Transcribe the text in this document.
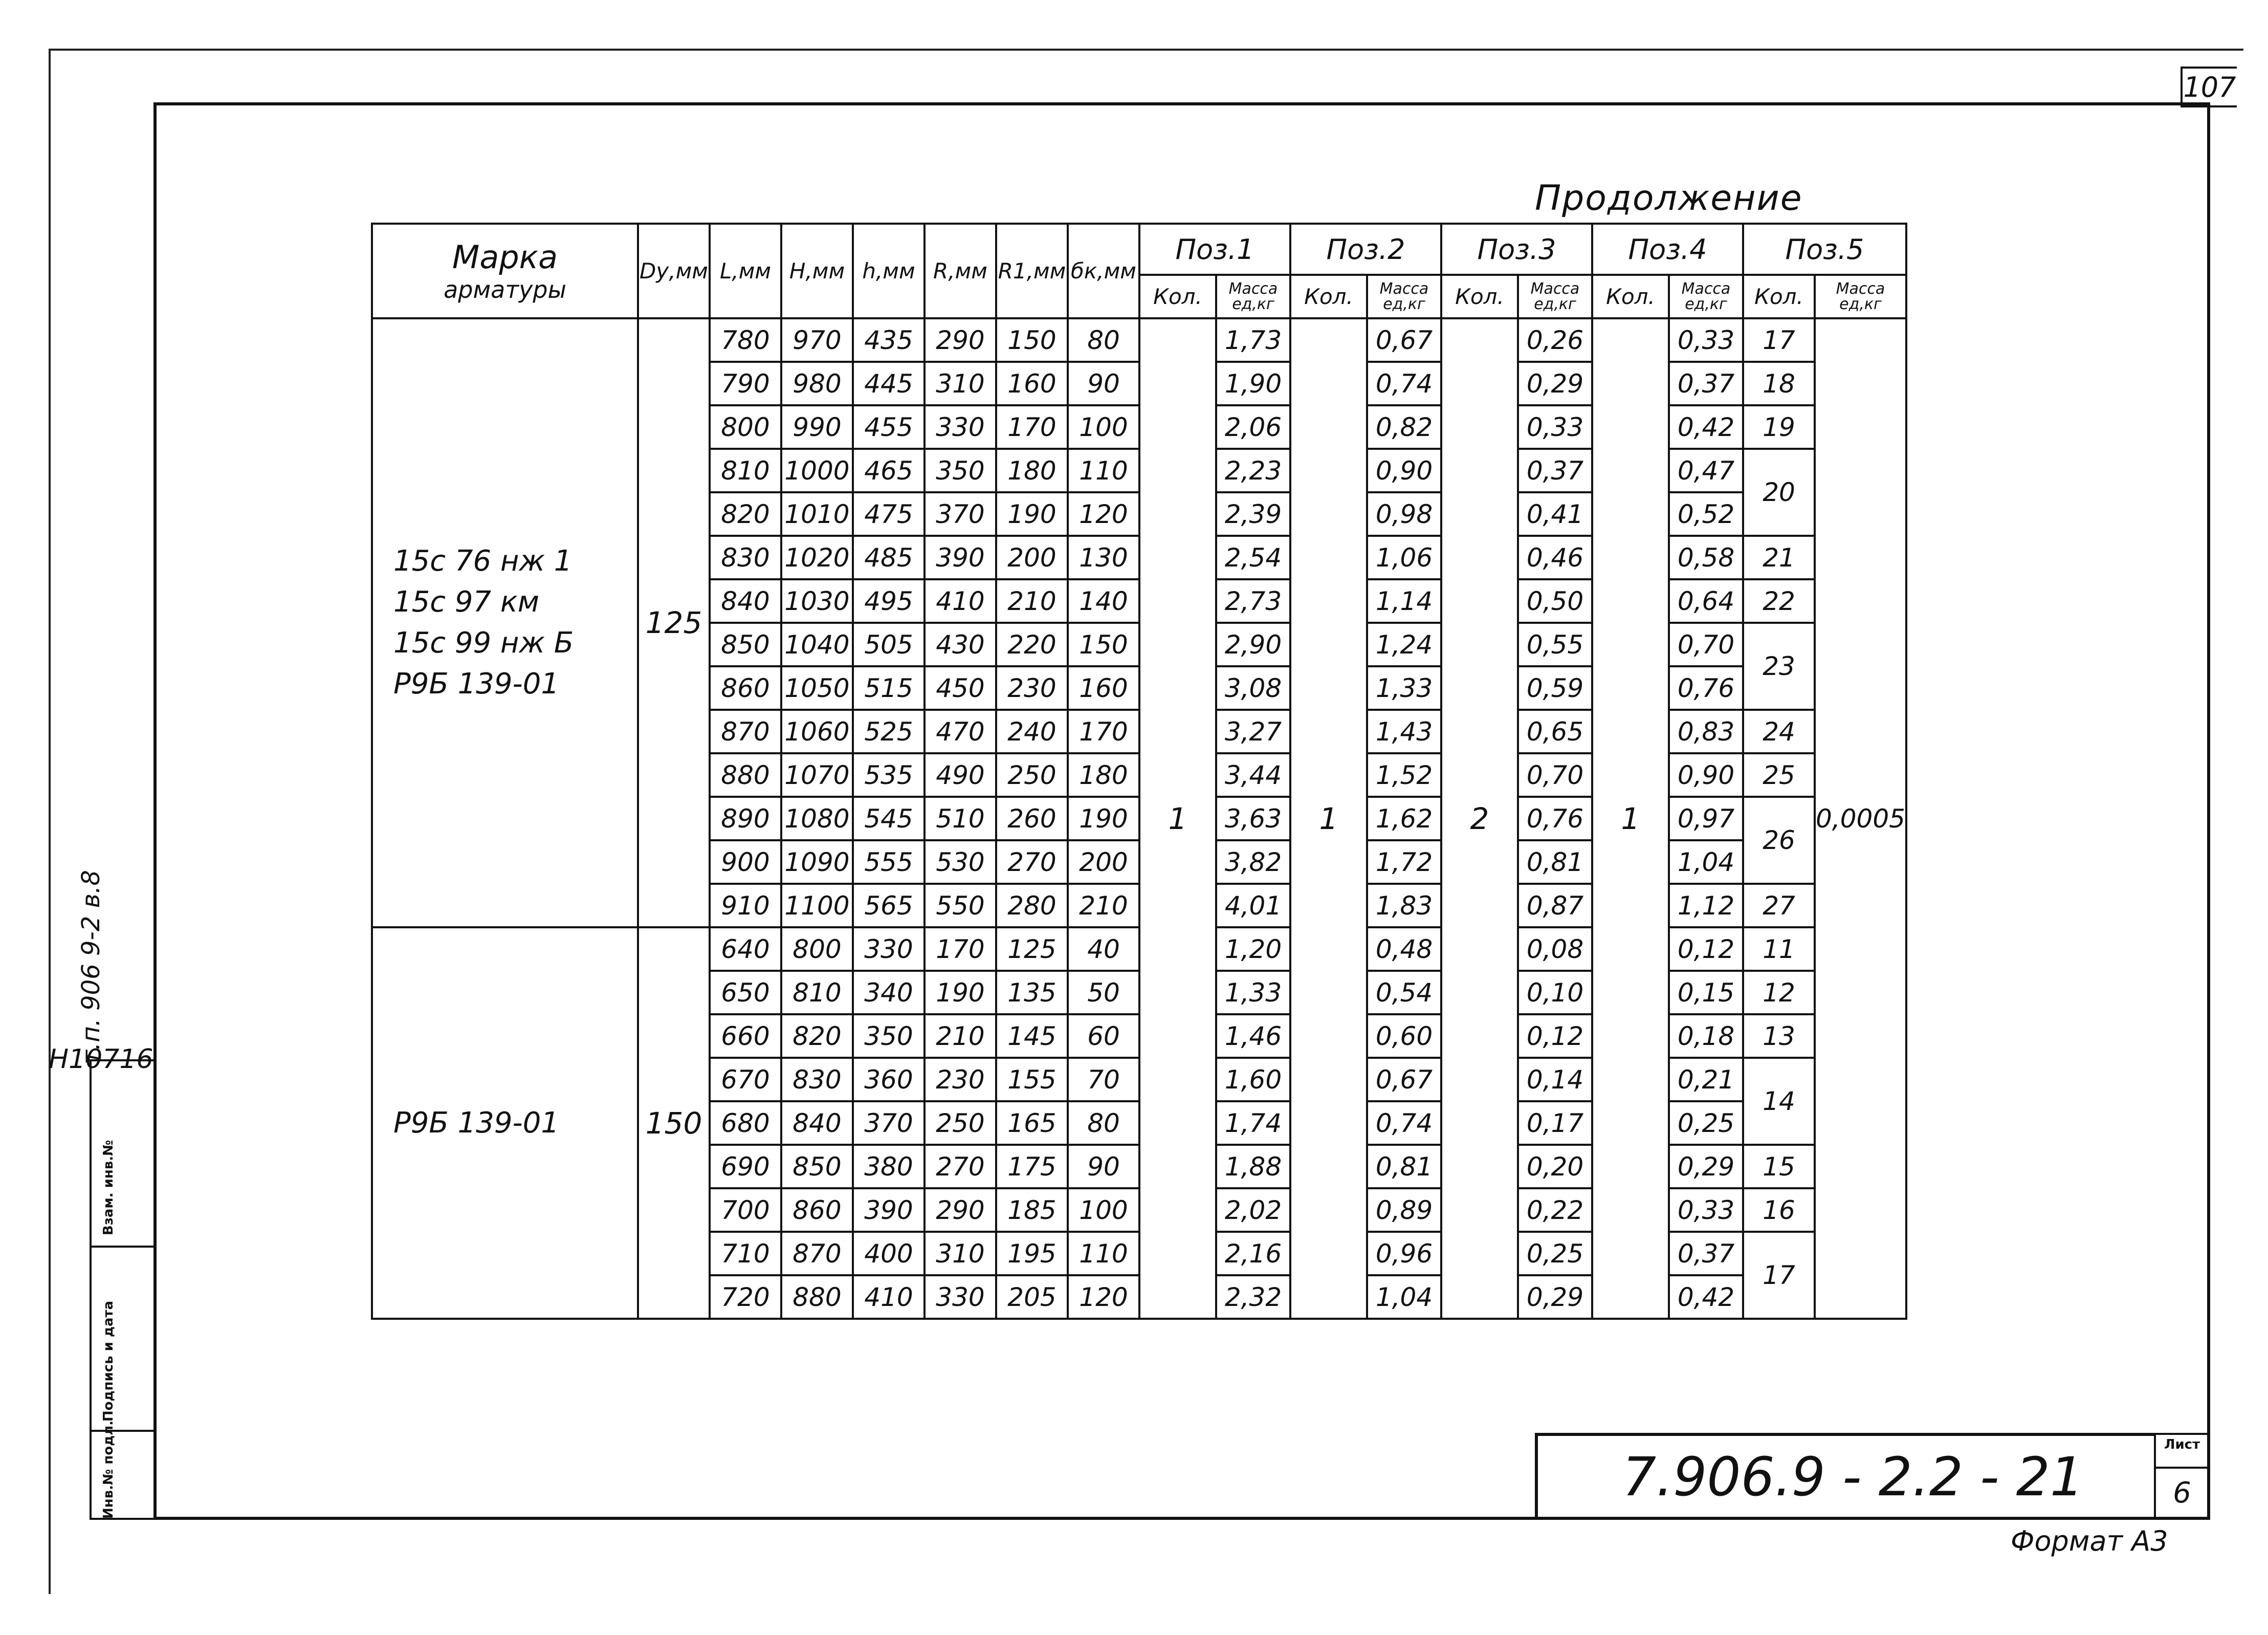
107
Продолжение
т.п. 906 9-2 в.8
Н10716
Взам. инв.№
Подпись и дата
Инв.№ подл.
Марка
арматуры	Dу,мм	L,мм	H,мм	h,мм	R,мм	R1,мм	бк,мм	Поз.1		Поз.2		Поз.3		Поз.4		Поз.5	
								Кол.	Масса ед,кг	Кол.	Масса ед,кг	Кол.	Масса ед,кг	Кол.	Масса ед,кг	Кол.	Масса ед,кг

15с 76 нж 1
15с 97 км
15с 99 нж Б
Р9Б 139-01	125	780	970	435	290	150	80	1	1,73	1	0,67	2	0,26	1	0,33	17	0,0005
		790	980	445	310	160	90		1,90		0,74		0,29		0,37	18	
		800	990	455	330	170	100		2,06		0,82		0,33		0,42	19	
		810	1000	465	350	180	110		2,23		0,90		0,37		0,47	20	
		820	1010	475	370	190	120		2,39		0,98		0,41		0,52		
		830	1020	485	390	200	130		2,54		1,06		0,46		0,58	21	
		840	1030	495	410	210	140		2,73		1,14		0,50		0,64	22	
		850	1040	505	430	220	150		2,90		1,24		0,55		0,70	23	
		860	1050	515	450	230	160		3,08		1,33		0,59		0,76		
		870	1060	525	470	240	170		3,27		1,43		0,65		0,83	24	
		880	1070	535	490	250	180		3,44		1,52		0,70		0,90	25	
		890	1080	545	510	260	190		3,63		1,62		0,76		0,97	26	
		900	1090	555	530	270	200		3,82		1,72		0,81		1,04		
		910	1100	565	550	280	210		4,01		1,83		0,87		1,12	27	

Р9Б 139-01	150	640	800	330	170	125	40		1,20		0,48		0,08		0,12	11	
		650	810	340	190	135	50		1,33		0,54		0,10		0,15	12	
		660	820	350	210	145	60		1,46		0,60		0,12		0,18	13	
		670	830	360	230	155	70		1,60		0,67		0,14		0,21	14	
		680	840	370	250	165	80		1,74		0,74		0,17		0,25		
		690	850	380	270	175	90		1,88		0,81		0,20		0,29	15	
		700	860	390	290	185	100		2,02		0,89		0,22		0,33	16	
		710	870	400	310	195	110		2,16		0,96		0,25		0,37	17	
		720	880	410	330	205	120		2,32		1,04		0,29		0,42		
7.906.9 - 2.2 - 21
Лист
6
Формат А3
